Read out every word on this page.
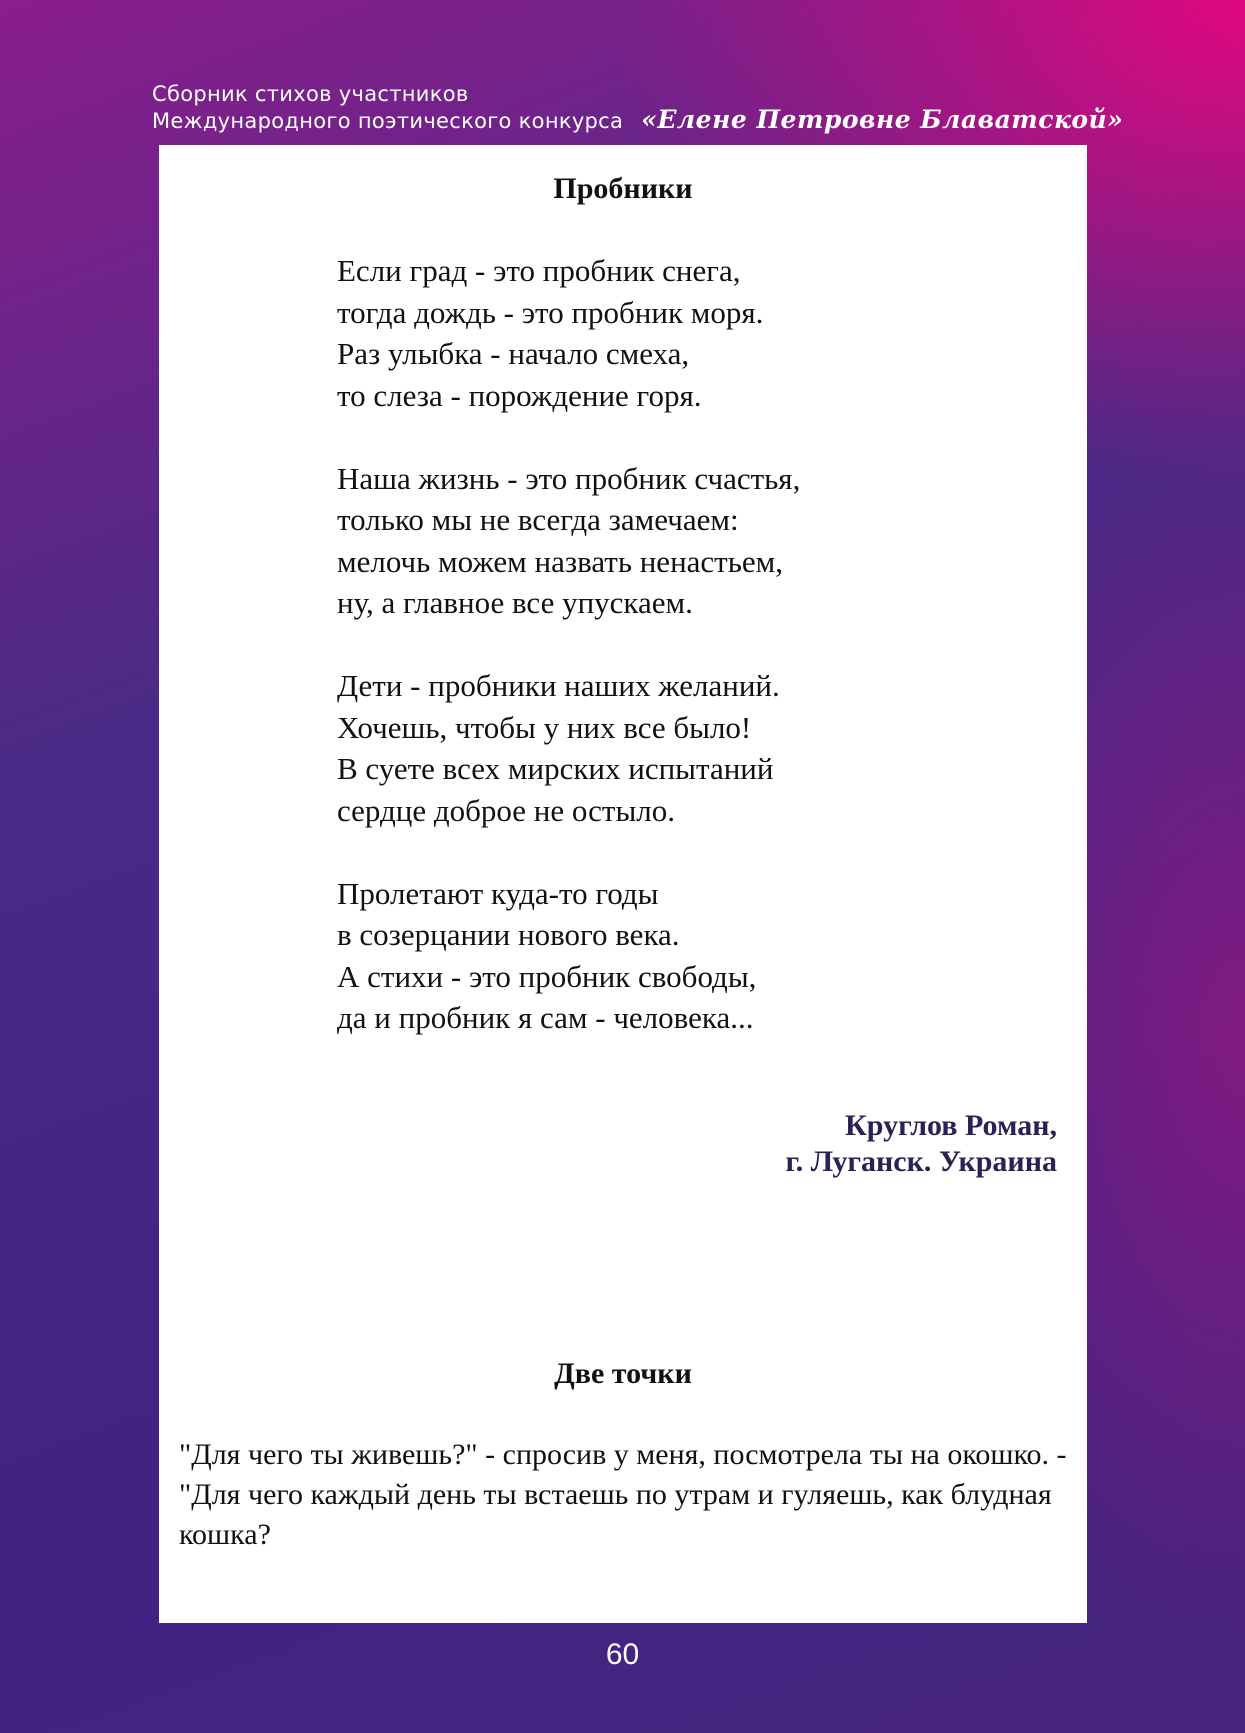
Сборник стихов участников
Международного поэтического конкурса «Елене Петровне Блаватской»
Пробники
Если град - это пробник снега,
тогда дождь - это пробник моря.
Раз улыбка - начало смеха,
то слеза - порождение горя.
Наша жизнь - это пробник счастья,
только мы не всегда замечаем:
мелочь можем назвать ненастьем,
ну, а главное все упускаем.
Дети - пробники наших желаний.
Хочешь, чтобы у них все было!
В суете всех мирских испытаний
сердце доброе не остыло.
Пролетают куда-то годы
в созерцании нового века.
А стихи - это пробник свободы,
да и пробник я сам - человека...
Круглов Роман,
г. Луганск. Украина
Две точки
"Для чего ты живешь?" - спросив у меня, посмотрела ты на окошко. -
"Для чего каждый день ты встаешь по утрам и гуляешь, как блудная кошка?
60
